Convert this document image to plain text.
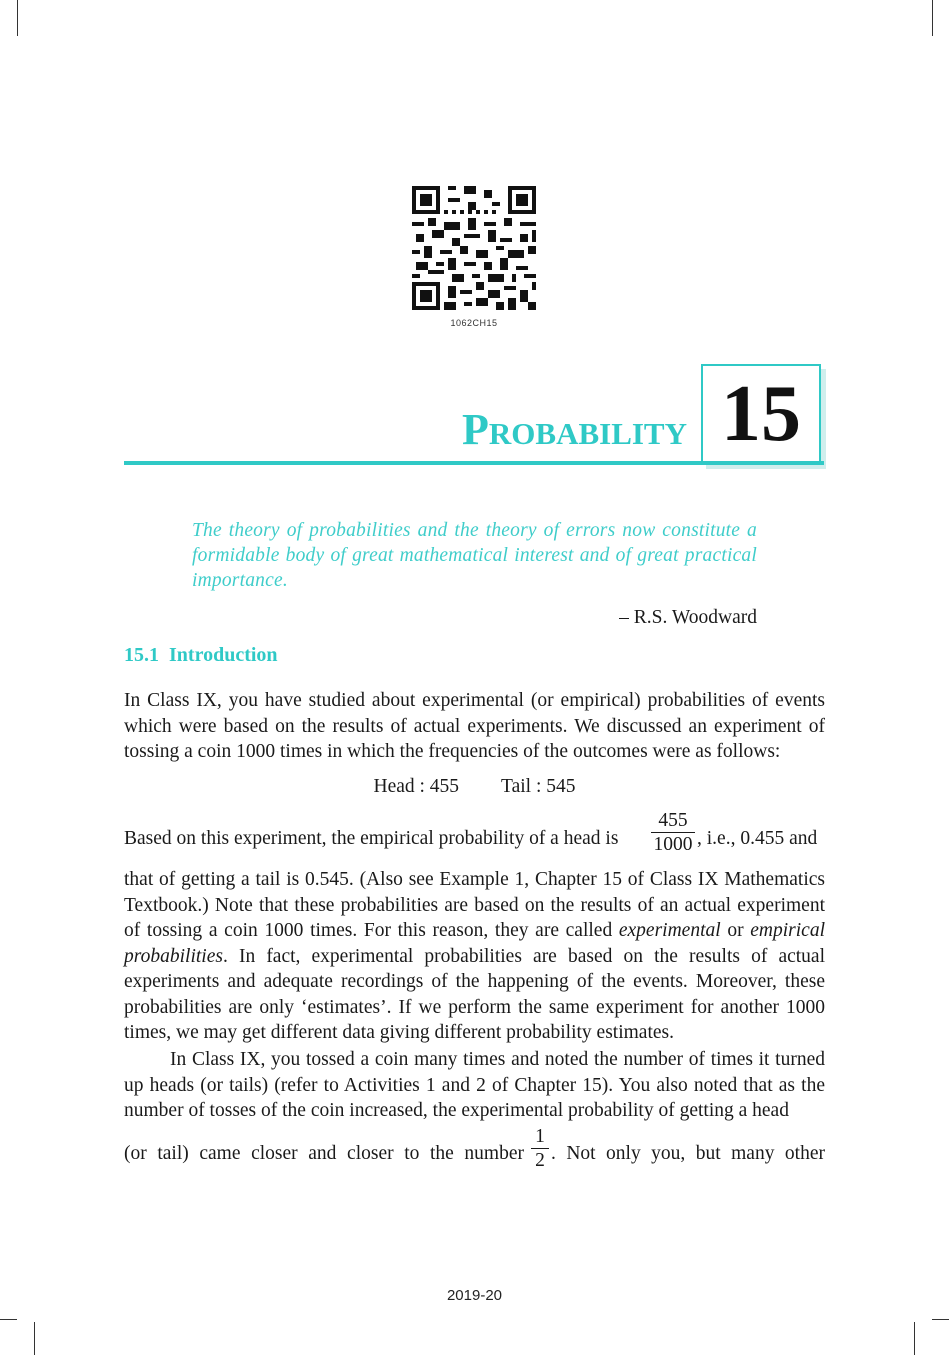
1062CH15
PROBABILITY 15
The theory of probabilities and the theory of errors now constitute a formidable body of great mathematical interest and of great practical importance.
– R.S. Woodward
15.1  Introduction
In Class IX, you have studied about experimental (or empirical) probabilities of events which were based on the results of actual experiments. We discussed an experiment of tossing a coin 1000 times in which the frequencies of the outcomes were as follows:
Head : 455 Tail : 545
Based on this experiment, the empirical probability of a head is
455
1000 , i.e., 0.455 and
that of getting a tail is 0.545. (Also see Example 1, Chapter 15 of Class IX Mathematics Textbook.) Note that these probabilities are based on the results of an actual experiment of tossing a coin 1000 times. For this reason, they are called experimental or empirical probabilities. In fact, experimental probabilities are based on the results of actual experiments and adequate recordings of the happening of the events. Moreover, these probabilities are only ‘estimates’. If we perform the same experiment for another 1000 times, we may get different data giving different probability estimates.
In Class IX, you tossed a coin many times and noted the number of times it turned up heads (or tails) (refer to Activities 1 and 2 of Chapter 15). You also noted that as the number of tosses of the coin increased, the experimental probability of getting a head
(or tail) came closer and closer to the number
1
2 . Not only you, but many other
2019-20
